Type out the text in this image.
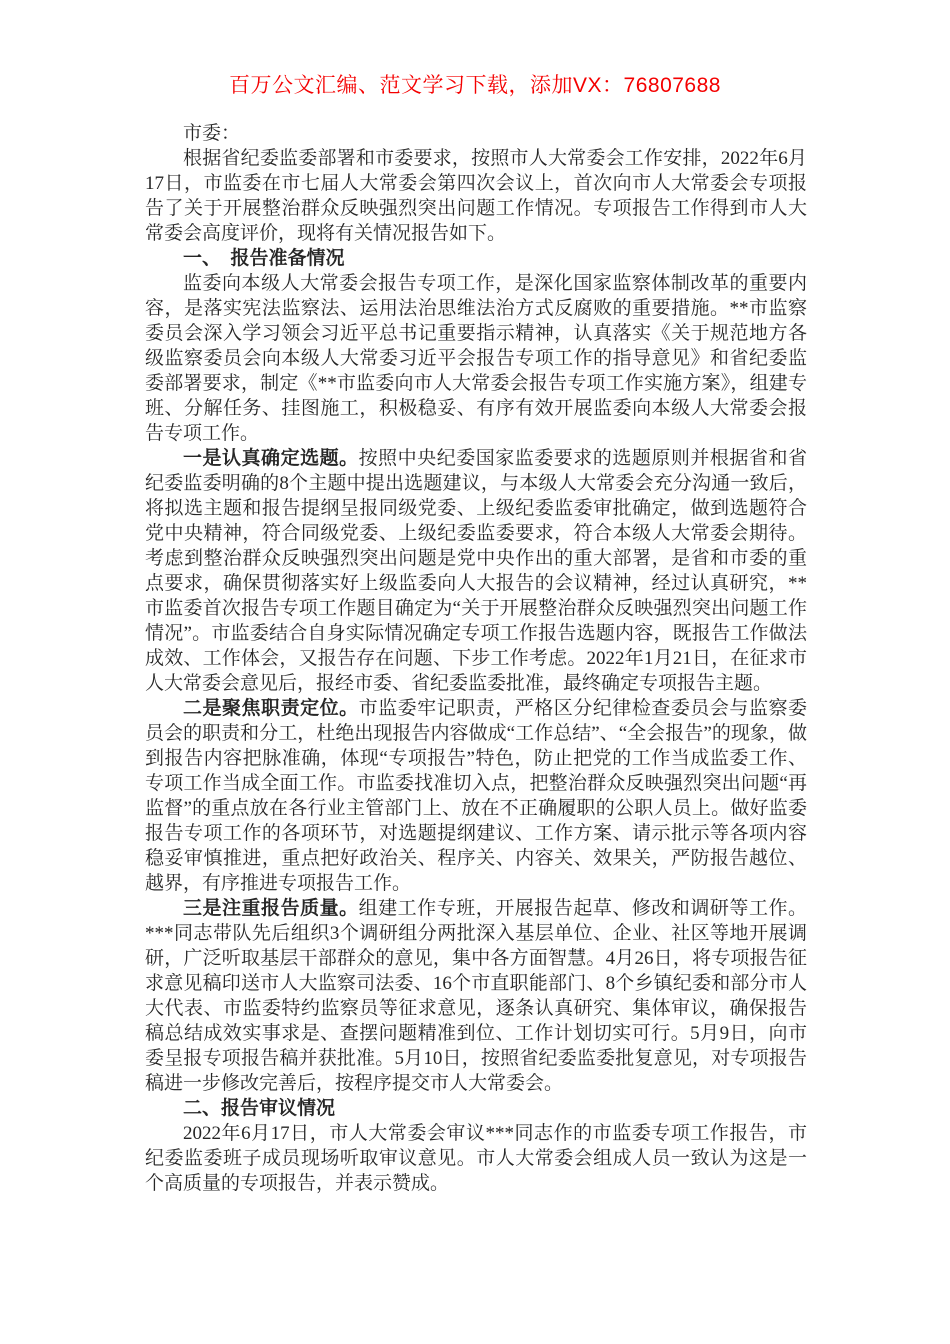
百万公文汇编、范文学习下载，添加VX：76807688

市委：

根据省纪委监委部署和市委要求，按照市人大常委会工作安排，2022年6月17日，市监委在市七届人大常委会第四次会议上，首次向市人大常委会专项报告了关于开展整治群众反映强烈突出问题工作情况。专项报告工作得到市人大常委会高度评价，现将有关情况报告如下。

一、　报告准备情况

监委向本级人大常委会报告专项工作，是深化国家监察体制改革的重要内容，是落实宪法监察法、运用法治思维法治方式反腐败的重要措施。**市监察委员会深入学习领会习近平总书记重要指示精神，认真落实《关于规范地方各级监察委员会向本级人大常委习近平会报告专项工作的指导意见》和省纪委监委部署要求，制定《**市监委向市人大常委会报告专项工作实施方案》，组建专班、分解任务、挂图施工，积极稳妥、有序有效开展监委向本级人大常委会报告专项工作。

一是认真确定选题。按照中央纪委国家监委要求的选题原则并根据省和省纪委监委明确的8个主题中提出选题建议，与本级人大常委会充分沟通一致后，将拟选主题和报告提纲呈报同级党委、上级纪委监委审批确定，做到选题符合党中央精神，符合同级党委、上级纪委监委要求，符合本级人大常委会期待。考虑到整治群众反映强烈突出问题是党中央作出的重大部署，是省和市委的重点要求，确保贯彻落实好上级监委向人大报告的会议精神，经过认真研究，**市监委首次报告专项工作题目确定为“关于开展整治群众反映强烈突出问题工作情况”。市监委结合自身实际情况确定专项工作报告选题内容，既报告工作做法成效、工作体会，又报告存在问题、下步工作考虑。2022年1月21日，在征求市人大常委会意见后，报经市委、省纪委监委批准，最终确定专项报告主题。

二是聚焦职责定位。市监委牢记职责，严格区分纪律检查委员会与监察委员会的职责和分工，杜绝出现报告内容做成“工作总结”、“全会报告”的现象，做到报告内容把脉准确，体现“专项报告”特色，防止把党的工作当成监委工作、专项工作当成全面工作。市监委找准切入点，把整治群众反映强烈突出问题“再监督”的重点放在各行业主管部门上、放在不正确履职的公职人员上。做好监委报告专项工作的各项环节，对选题提纲建议、工作方案、请示批示等各项内容稳妥审慎推进，重点把好政治关、程序关、内容关、效果关，严防报告越位、越界，有序推进专项报告工作。

三是注重报告质量。组建工作专班，开展报告起草、修改和调研等工作。***同志带队先后组织3个调研组分两批深入基层单位、企业、社区等地开展调研，广泛听取基层干部群众的意见，集中各方面智慧。4月26日，将专项报告征求意见稿印送市人大监察司法委、16个市直职能部门、8个乡镇纪委和部分市人大代表、市监委特约监察员等征求意见，逐条认真研究、集体审议，确保报告稿总结成效实事求是、查摆问题精准到位、工作计划切实可行。5月9日，向市委呈报专项报告稿并获批准。5月10日，按照省纪委监委批复意见，对专项报告稿进一步修改完善后，按程序提交市人大常委会。

二、报告审议情况

2022年6月17日，市人大常委会审议***同志作的市监委专项工作报告，市纪委监委班子成员现场听取审议意见。市人大常委会组成人员一致认为这是一个高质量的专项报告，并表示赞成。
